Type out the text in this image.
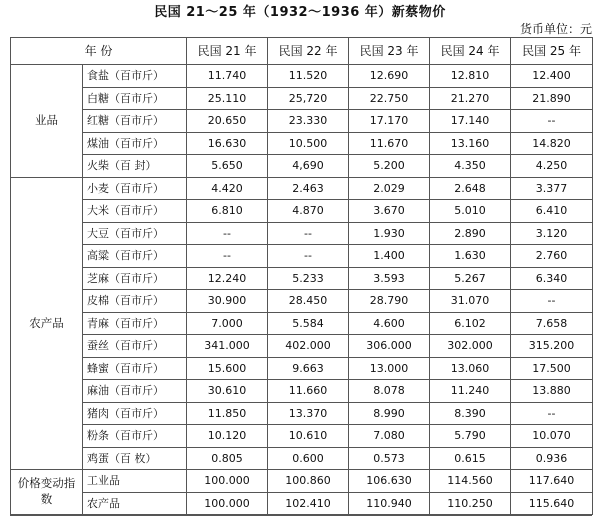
民国 21～25 年（1932～1936 年）新蔡物价
货币单位：元
年 份		民国 21 年	民国 22 年	民国 23 年	民国 24 年	民国 25 年
业品	食盐（百市斤）	11.740	11.520	12.690	12.810	12.400
	白糖（百市斤）	25.110	25,720	22.750	21.270	21.890
	红糖（百市斤）	20.650	23.330	17.170	17.140	--
	煤油（百市斤）	16.630	10.500	11.670	13.160	14.820
	火柴（百 封）	5.650	4,690	5.200	4.350	4.250
农产品	小麦（百市斤）	4.420	2.463	2.029	2.648	3.377
	大米（百市斤）	6.810	4.870	3.670	5.010	6.410
	大豆（百市斤）	--	--	1.930	2.890	3.120
	高粱（百市斤）	--	--	1.400	1.630	2.760
	芝麻（百市斤）	12.240	5.233	3.593	5.267	6.340
	皮棉（百市斤）	30.900	28.450	28.790	31.070	--
	青麻（百市斤）	7.000	5.584	4.600	6.102	7.658
	蚕丝（百市斤）	341.000	402.000	306.000	302.000	315.200
	蜂蜜（百市斤）	15.600	9.663	13.000	13.060	17.500
	麻油（百市斤）	30.610	11.660	8.078	11.240	13.880
	猪肉（百市斤）	11.850	13.370	8.990	8.390	--
	粉条（百市斤）	10.120	10.610	7.080	5.790	10.070
	鸡蛋（百 枚）	0.805	0.600	0.573	0.615	0.936
价格变动指数	工业品	100.000	100.860	106.630	114.560	117.640
	农产品	100.000	102.410	110.940	110.250	115.640
